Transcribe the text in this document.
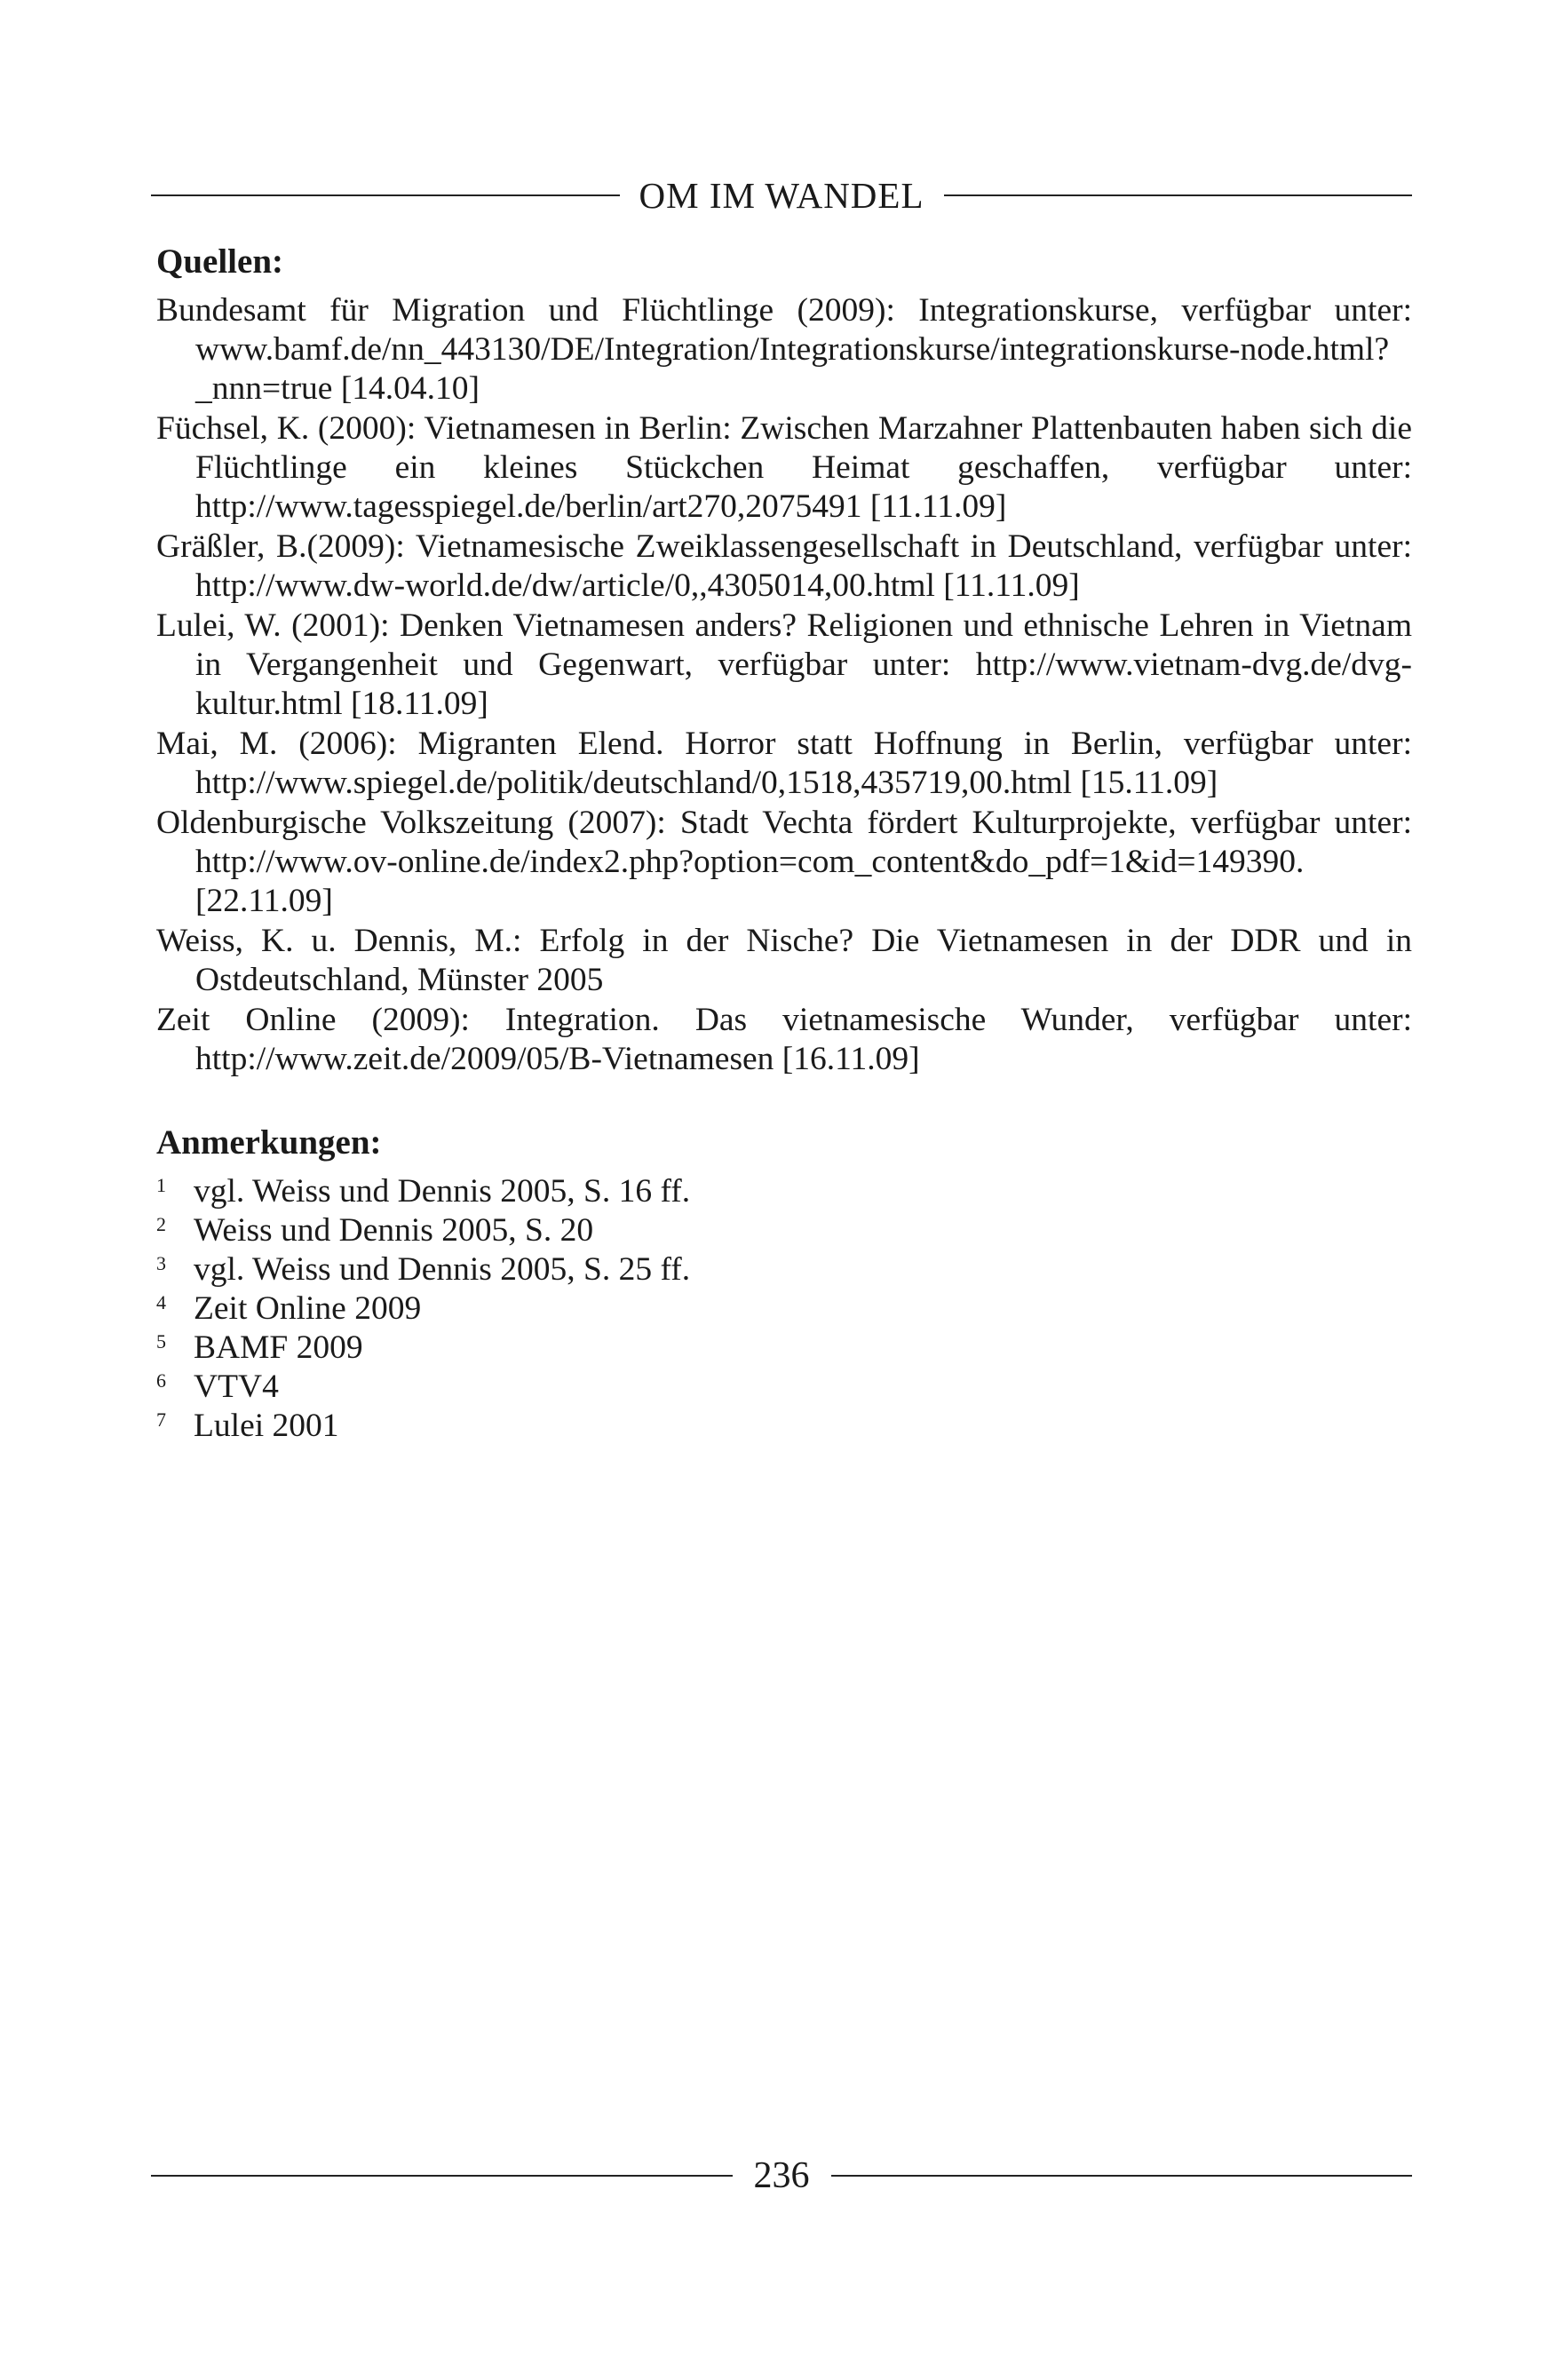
OM IM WANDEL
Quellen:
Bundesamt für Migration und Flüchtlinge (2009): Integrationskurse, verfügbar unter: www.bamf.de/nn_443130/DE/Integration/Integrationskurse/integrationskurse-node.html?_nnn=true [14.04.10]
Füchsel, K. (2000): Vietnamesen in Berlin: Zwischen Marzahner Plattenbauten haben sich die Flüchtlinge ein kleines Stückchen Heimat geschaffen, verfügbar unter: http://www.tagesspiegel.de/berlin/art270,2075491 [11.11.09]
Gräßler, B.(2009): Vietnamesische Zweiklassengesellschaft in Deutschland, verfügbar unter: http://www.dw-world.de/dw/article/0,,4305014,00.html [11.11.09]
Lulei, W. (2001): Denken Vietnamesen anders? Religionen und ethnische Lehren in Vietnam in Vergangenheit und Gegenwart, verfügbar unter: http://www.vietnam-dvg.de/dvg-kultur.html [18.11.09]
Mai, M. (2006): Migranten Elend. Horror statt Hoffnung in Berlin, verfügbar unter: http://www.spiegel.de/politik/deutschland/0,1518,435719,00.html [15.11.09]
Oldenburgische Volkszeitung (2007): Stadt Vechta fördert Kulturprojekte, verfügbar unter: http://www.ov-online.de/index2.php?option=com_content&do_pdf=1&id=149390. [22.11.09]
Weiss, K. u. Dennis, M.: Erfolg in der Nische? Die Vietnamesen in der DDR und in Ostdeutschland, Münster 2005
Zeit Online (2009): Integration. Das vietnamesische Wunder, verfügbar unter: http://www.zeit.de/2009/05/B-Vietnamesen [16.11.09]
Anmerkungen:
1 vgl. Weiss und Dennis 2005, S. 16 ff.
2 Weiss und Dennis 2005, S. 20
3 vgl. Weiss und Dennis 2005, S. 25 ff.
4 Zeit Online 2009
5 BAMF 2009
6 VTV4
7 Lulei 2001
236
